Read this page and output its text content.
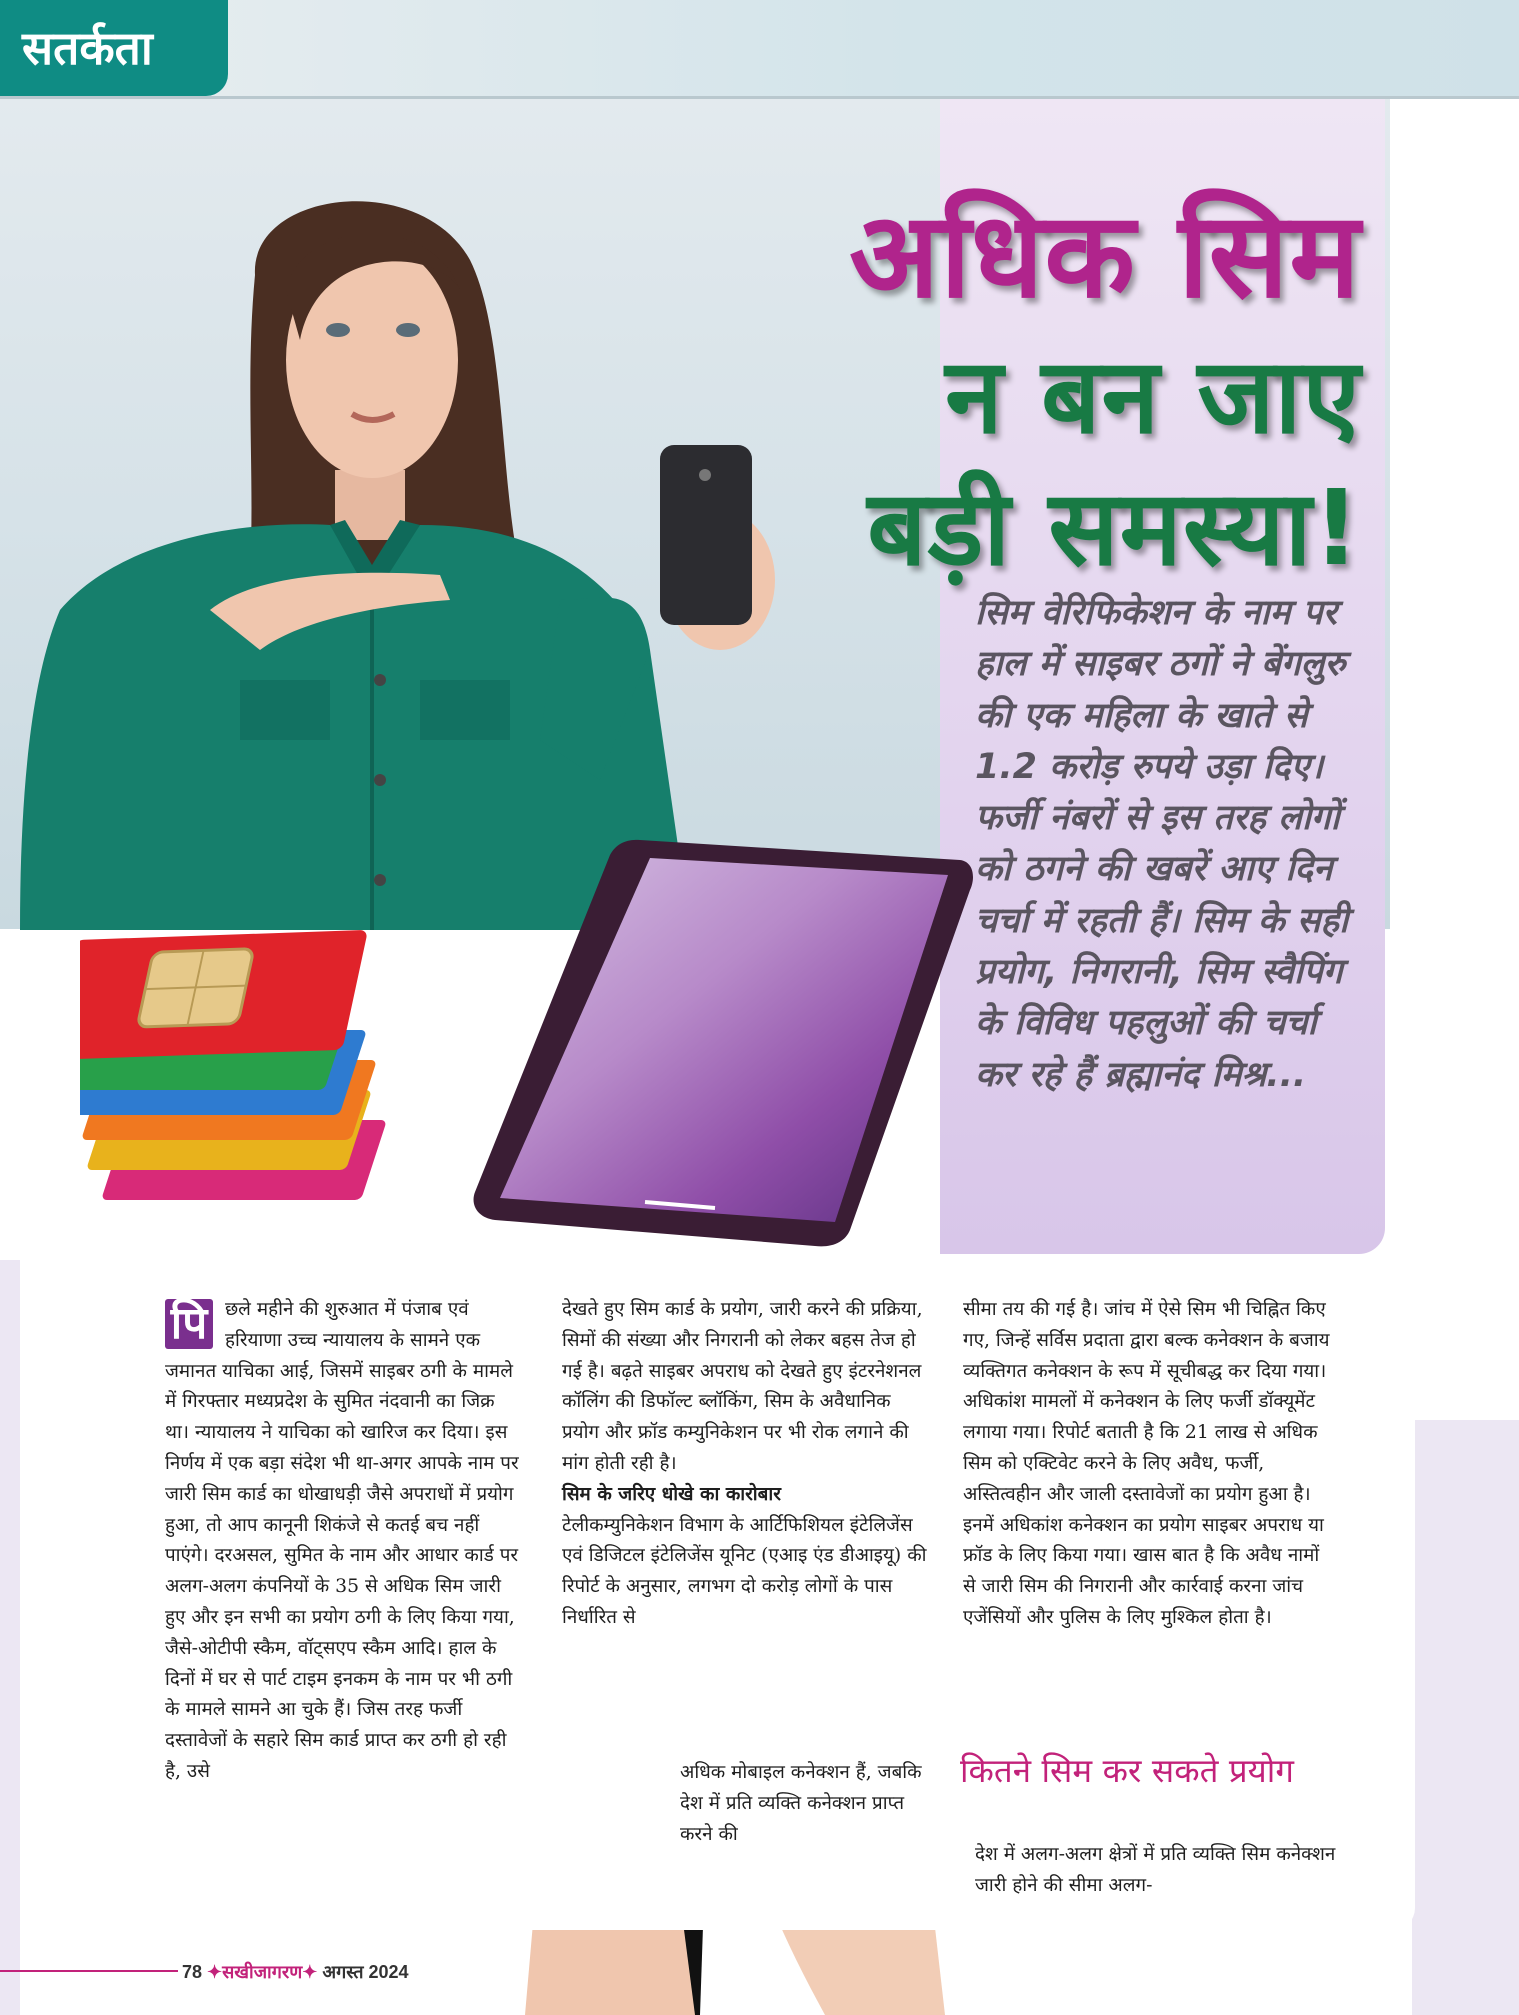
सतर्कता
अधिक सिम
न बन जाए
बड़ी समस्या!
सिम वेरिफिकेशन के नाम पर हाल में साइबर ठगों ने बेंगलुरु की एक महिला के खाते से 1.2 करोड़ रुपये उड़ा दिए। फर्जी नंबरों से इस तरह लोगों को ठगने की खबरें आए दिन चर्चा में रहती हैं। सिम के सही प्रयोग, निगरानी, सिम स्वैपिंग के विविध पहलुओं की चर्चा कर रहे हैं ब्रह्मानंद मिश्र...
पि छले महीने की शुरुआत में पंजाब एवं हरियाणा उच्च न्यायालय के सामने एक जमानत याचिका आई, जिसमें साइबर ठगी के मामले में गिरफ्तार मध्यप्रदेश के सुमित नंदवानी का जिक्र था। न्यायालय ने याचिका को खारिज कर दिया। इस निर्णय में एक बड़ा संदेश भी था-अगर आपके नाम पर जारी सिम कार्ड का धोखाधड़ी जैसे अपराधों में प्रयोग हुआ, तो आप कानूनी शिकंजे से कतई बच नहीं पाएंगे। दरअसल, सुमित के नाम और आधार कार्ड पर अलग-अलग कंपनियों के 35 से अधिक सिम जारी हुए और इन सभी का प्रयोग ठगी के लिए किया गया, जैसे-ओटीपी स्कैम, वॉट्सएप स्कैम आदि। हाल के दिनों में घर से पार्ट टाइम इनकम के नाम पर भी ठगी के मामले सामने आ चुके हैं। जिस तरह फर्जी दस्तावेजों के सहारे सिम कार्ड प्राप्त कर ठगी हो रही है, उसे

देखते हुए सिम कार्ड के प्रयोग, जारी करने की प्रक्रिया, सिमों की संख्या और निगरानी को लेकर बहस तेज हो गई है। बढ़ते साइबर अपराध को देखते हुए इंटरनेशनल कॉलिंग की डिफॉल्ट ब्लॉकिंग, सिम के अवैधानिक प्रयोग और फ्रॉड कम्युनिकेशन पर भी रोक लगाने की मांग होती रही है।

सिम के जरिए धोखे का कारोबार

टेलीकम्युनिकेशन विभाग के आर्टिफिशियल इंटेलिजेंस एवं डिजिटल इंटेलिजेंस यूनिट (एआइ एंड डीआइयू) की रिपोर्ट के अनुसार, लगभग दो करोड़ लोगों के पास निर्धारित से

अधिक मोबाइल कनेक्शन हैं, जबकि देश में प्रति व्यक्ति कनेक्शन प्राप्त करने की

सीमा तय की गई है। जांच में ऐसे सिम भी चिह्नित किए गए, जिन्हें सर्विस प्रदाता द्वारा बल्क कनेक्शन के बजाय व्यक्तिगत कनेक्शन के रूप में सूचीबद्ध कर दिया गया। अधिकांश मामलों में कनेक्शन के लिए फर्जी डॉक्यूमेंट लगाया गया। रिपोर्ट बताती है कि 21 लाख से अधिक सिम को एक्टिवेट करने के लिए अवैध, फर्जी, अस्तित्वहीन और जाली दस्तावेजों का प्रयोग हुआ है। इनमें अधिकांश कनेक्शन का प्रयोग साइबर अपराध या फ्रॉड के लिए किया गया। खास बात है कि अवैध नामों से जारी सिम की निगरानी और कार्रवाई करना जांच एजेंसियों और पुलिस के लिए मुश्किल होता है।

कितने सिम कर सकते प्रयोग
देश में अलग-अलग क्षेत्रों में प्रति व्यक्ति सिम कनेक्शन जारी होने की सीमा अलग-
78 ✦सखीजागरण✦ अगस्त 2024
